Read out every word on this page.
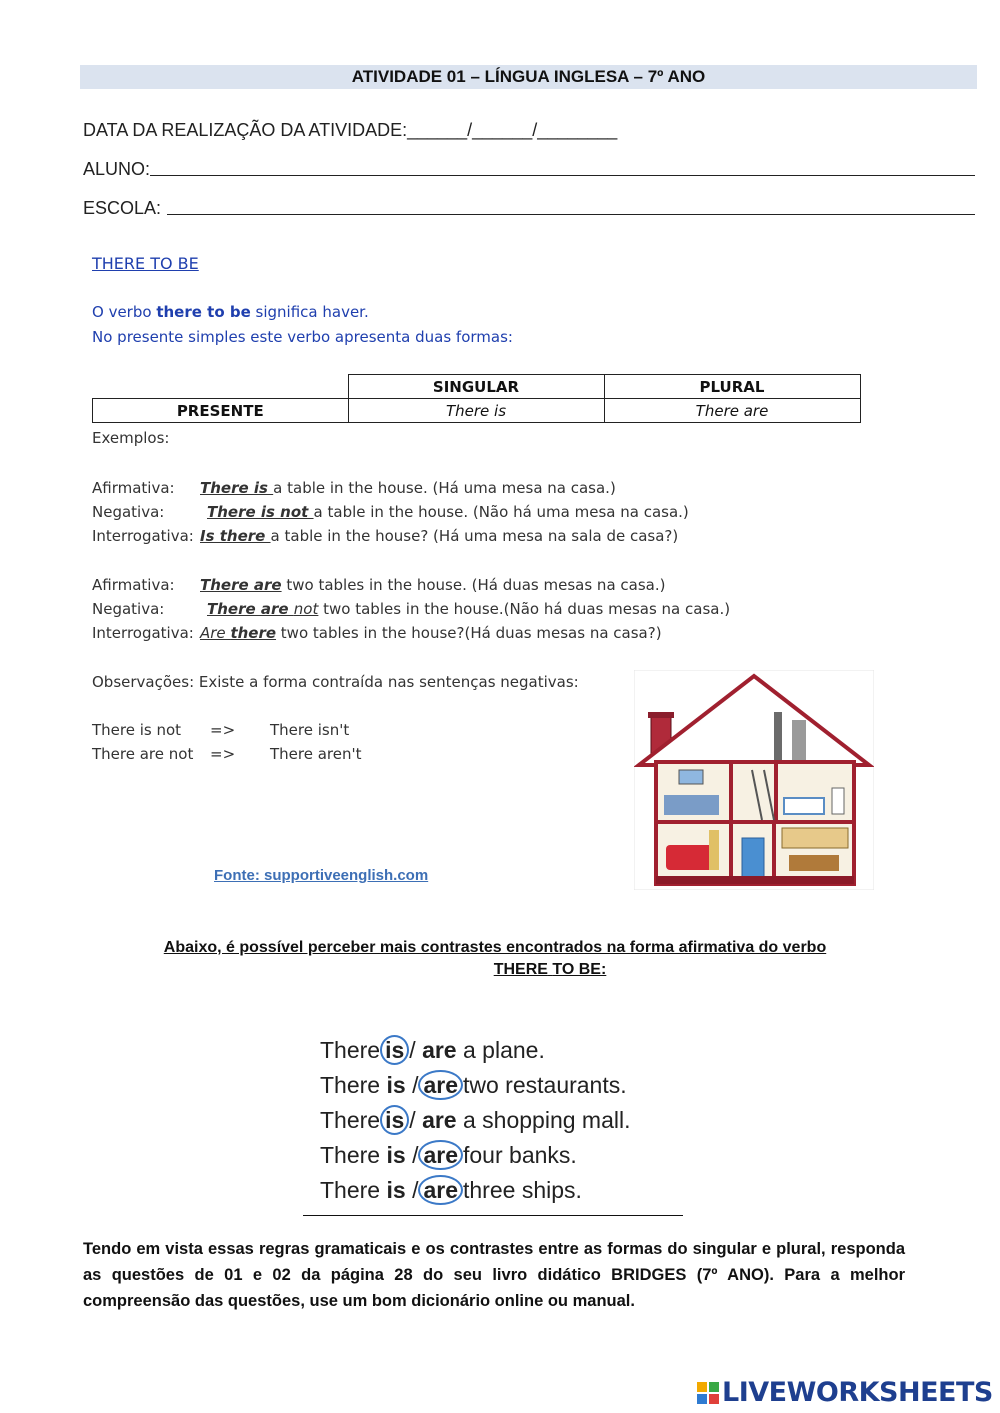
ATIVIDADE 01 – LÍNGUA INGLESA – 7º ANO
DATA DA REALIZAÇÃO DA ATIVIDADE:______/______/________
ALUNO:
ESCOLA:
THERE TO BE
O verbo there to be significa haver.
No presente simples este verbo apresenta duas formas:
	SINGULAR	PLURAL
PRESENTE	There is	There are
Exemplos:
Afirmativa: There is a table in the house. (Há uma mesa na casa.)
Negativa:	There is not a table in the house. (Não há uma mesa na casa.)
Interrogativa: Is there a table in the house? (Há uma mesa na sala de casa?)
Afirmativa: There are two tables in the house. (Há duas mesas na casa.)
Negativa:	There are not two tables in the house.(Não há duas mesas na casa.)
Interrogativa: Are there two tables in the house?(Há duas mesas na casa?)
Observações: Existe a forma contraída nas sentenças negativas:
There is not => There isn't
There are not => There aren't
Fonte: supportiveenglish.com
Abaixo, é possível perceber mais contrastes encontrados na forma afirmativa do verbo
THERE TO BE:
There is / are a plane.
There is / are two restaurants.
There is / are a shopping mall.
There is / are four banks.
There is / are three ships.
Tendo em vista essas regras gramaticais e os contrastes entre as formas do singular e plural, responda as questões de 01 e 02 da página 28 do seu livro didático BRIDGES (7º ANO). Para a melhor compreensão das questões, use um bom dicionário online ou manual.
LIVEWORKSHEETS
